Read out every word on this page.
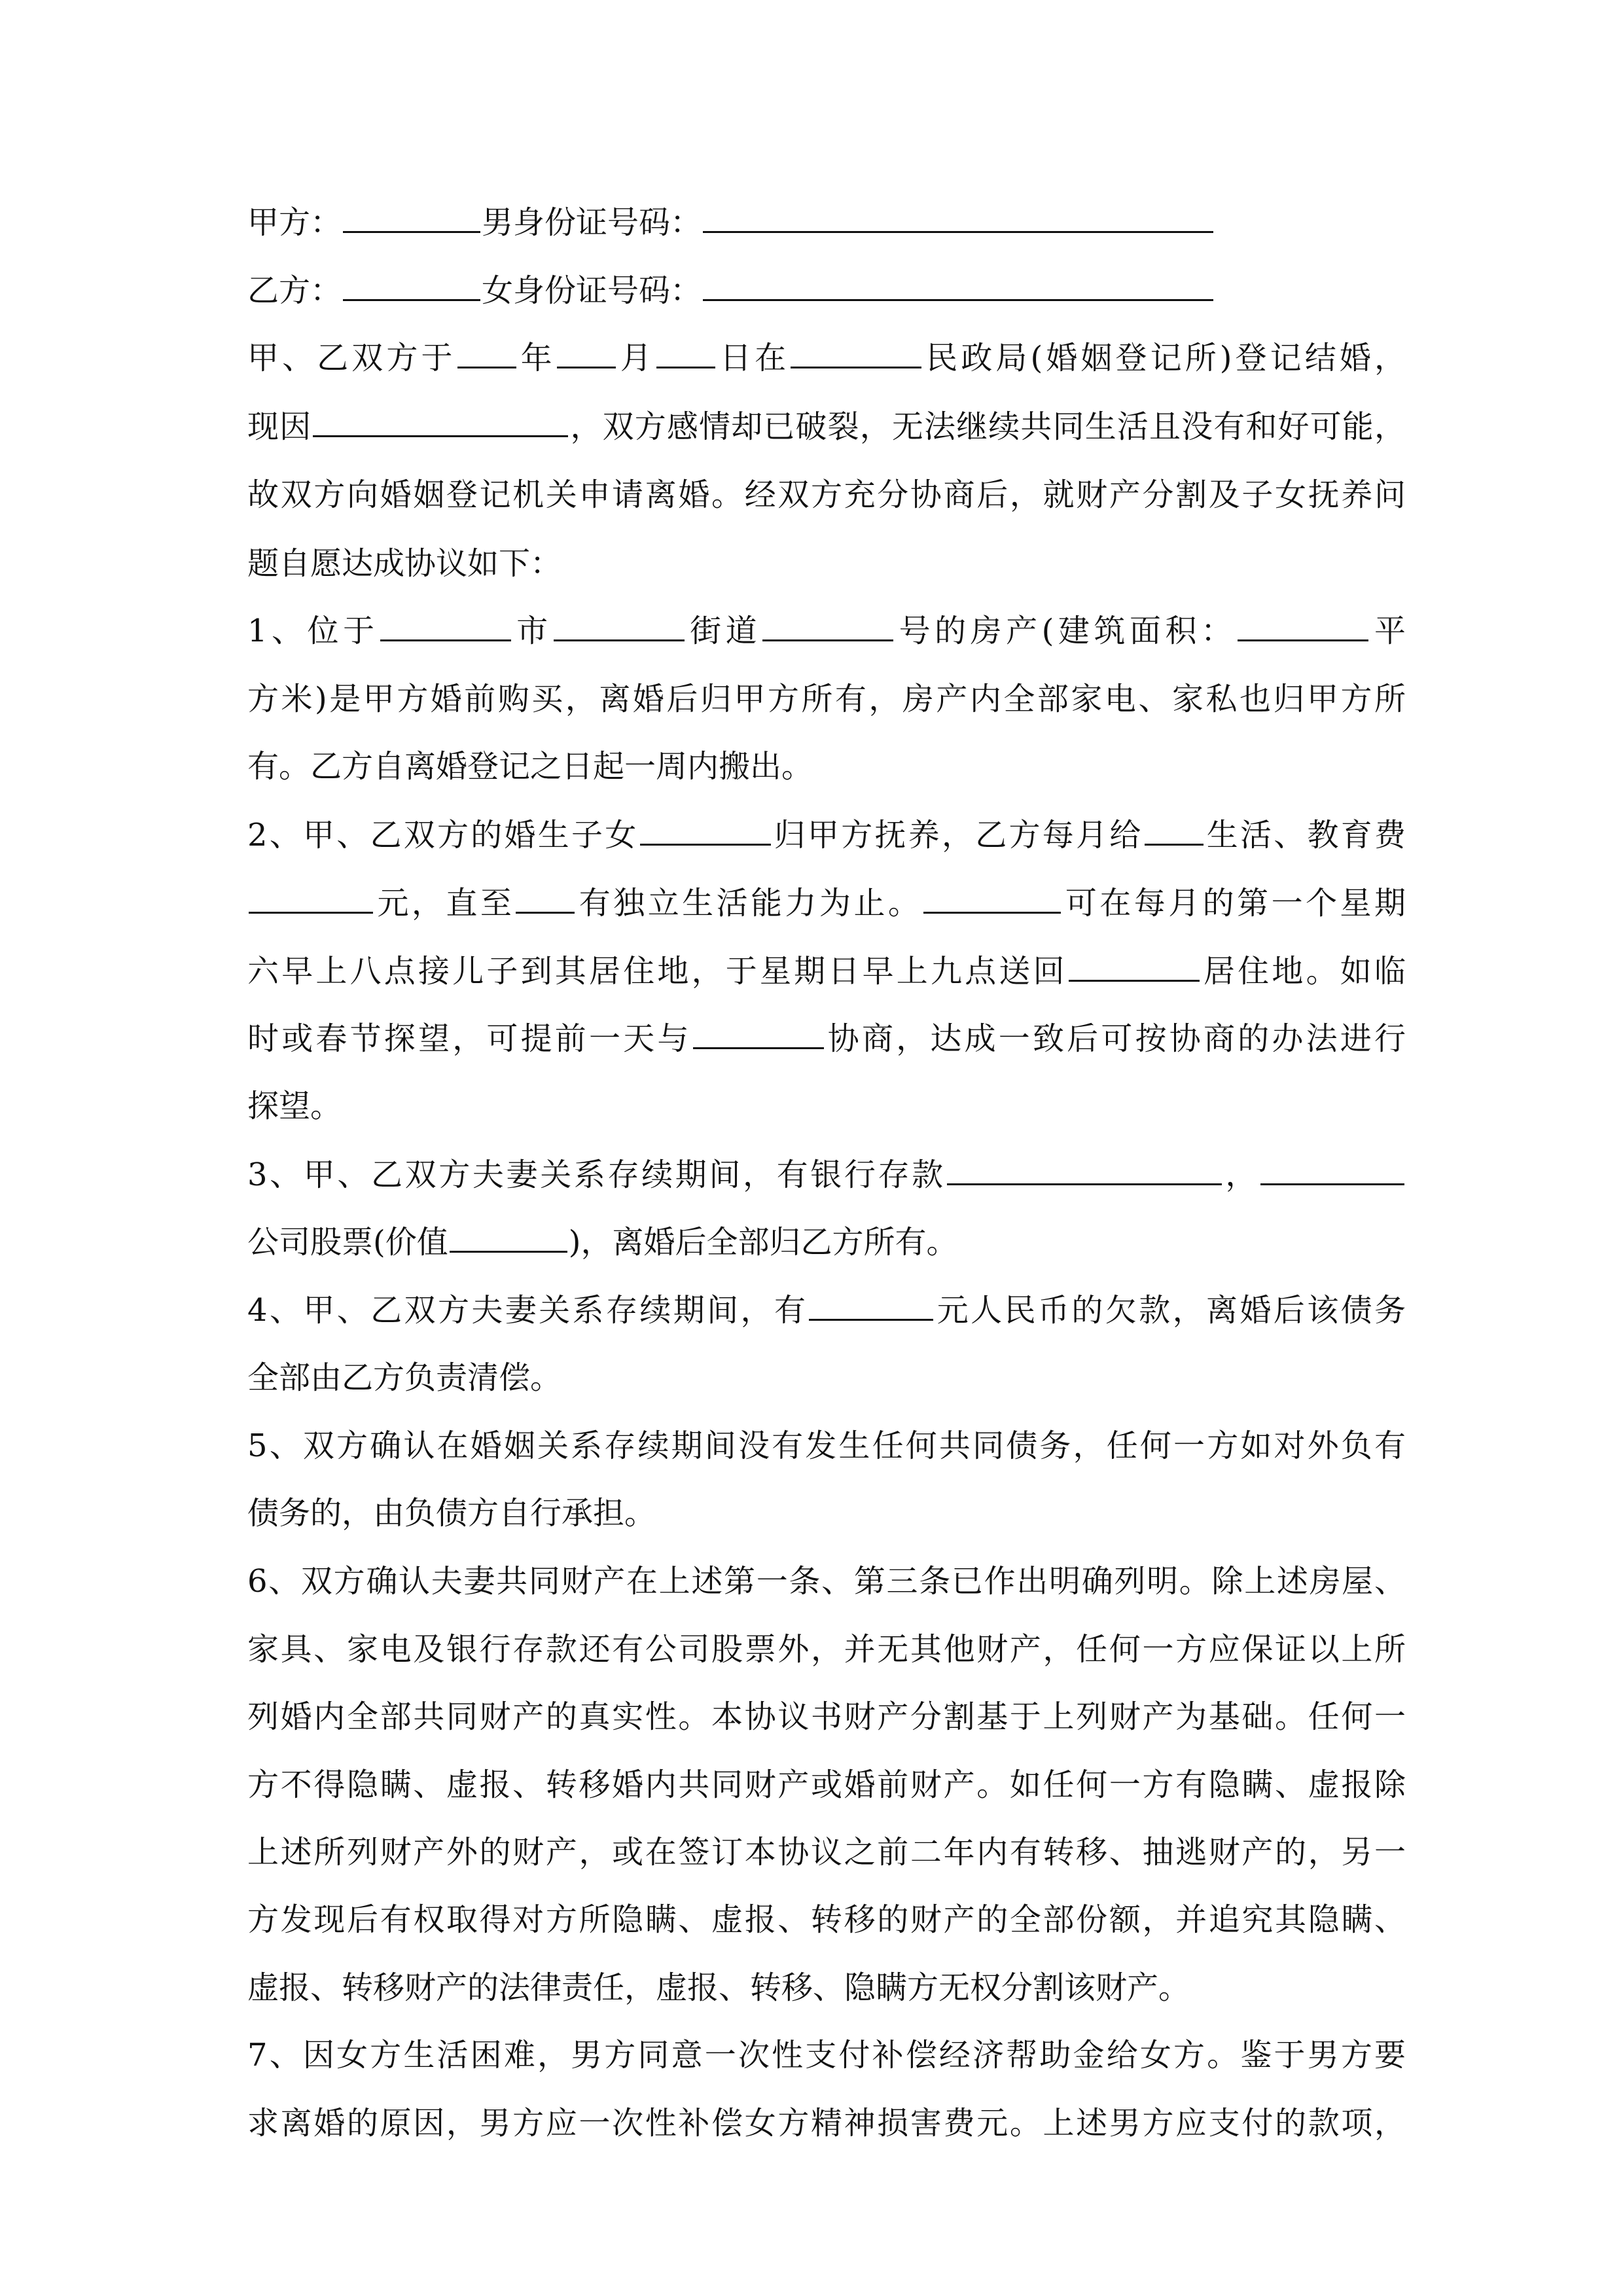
甲方：	男身份证号码：
乙方：	女身份证号码：
甲、乙双方于 年 月 日在	民政局(婚姻登记所)登记结婚，
现因	，双方感情却已破裂，无法继续共同生活且没有和好可能，
故双方向婚姻登记机关申请离婚。经双方充分协商后，就财产分割及子女抚养问
题自愿达成协议如下：
1、位于	市	街道	号的房产(建筑面积：	平
方米)是甲方婚前购买，离婚后归甲方所有，房产内全部家电、家私也归甲方所
有。乙方自离婚登记之日起一周内搬出。
2、甲、乙双方的婚生子女	归甲方抚养，乙方每月给 生活、教育费
元，直至 有独立生活能力为止。	可在每月的第一个星期
六早上八点接儿子到其居住地，于星期日早上九点送回	居住地。如临
时或春节探望，可提前一天与	协商，达成一致后可按协商的办法进行
探望。
3、甲、乙双方夫妻关系存续期间，有银行存款	，
公司股票(价值	)，离婚后全部归乙方所有。
4、甲、乙双方夫妻关系存续期间，有	元人民币的欠款，离婚后该债务
全部由乙方负责清偿。
5、双方确认在婚姻关系存续期间没有发生任何共同债务，任何一方如对外负有
债务的，由负债方自行承担。
6、双方确认夫妻共同财产在上述第一条、第三条已作出明确列明。除上述房屋、
家具、家电及银行存款还有公司股票外，并无其他财产，任何一方应保证以上所
列婚内全部共同财产的真实性。本协议书财产分割基于上列财产为基础。任何一
方不得隐瞒、虚报、转移婚内共同财产或婚前财产。如任何一方有隐瞒、虚报除
上述所列财产外的财产，或在签订本协议之前二年内有转移、抽逃财产的，另一
方发现后有权取得对方所隐瞒、虚报、转移的财产的全部份额，并追究其隐瞒、
虚报、转移财产的法律责任，虚报、转移、隐瞒方无权分割该财产。
7、因女方生活困难，男方同意一次性支付补偿经济帮助金给女方。鉴于男方要
求离婚的原因，男方应一次性补偿女方精神损害费元。上述男方应支付的款项，
